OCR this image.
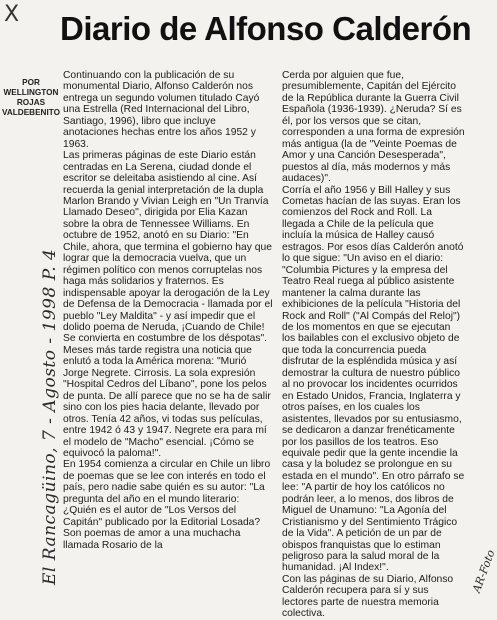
X Diario de Alfonso Calderón
POR
WELLINGTON
ROJAS
VALDEBENITO

Continuando con la publicación de su monumental Diario, Alfonso Calderón nos entrega un segundo volumen titulado Cayó una Estrella (Red Internacional del Libro, Santiago, 1996), libro que incluye anotaciones hechas entre los años 1952 y 1963.

Las primeras páginas de este Diario están centradas en La Serena, ciudad donde el escritor se deleitaba asistiendo al cine. Así recuerda la genial interpretación de la dupla Marlon Brando y Vivian Leigh en "Un Tranvía Llamado Deseo", dirigida por Elia Kazan sobre la obra de Tennessee Williams. En octubre de 1952, anotó en su Diario: "En Chile, ahora, que termina el gobierno hay que lograr que la democracia vuelva, que un régimen político con menos corruptelas nos haga más solidarios y fraternos. Es indispensable apoyar la derogación de la Ley de Defensa de la Democracia - llamada por el pueblo "Ley Maldita" - y así impedir que el dolido poema de Neruda, ¡Cuando de Chile! Se convierta en costumbre de los déspotas". Meses más tarde registra una noticia que enlutó a toda la América morena: "Murió Jorge Negrete. Cirrosis. La sola expresión "Hospital Cedros del Líbano", pone los pelos de punta. De allí parece que no se ha de salir sino con los pies hacia delante, llevado por otros. Tenía 42 años, vi todas sus películas, entre 1942 ó 43 y 1947. Negrete era para mí el modelo de "Macho" esencial. ¡Cómo se equivocó la paloma!".

En 1954 comienza a circular en Chile un libro de poemas que se lee con interés en todo el país, pero nadie sabe quién es su autor: "La pregunta del año en el mundo literario: ¿Quién es el autor de "Los Versos del Capitán" publicado por la Editorial Losada? Son poemas de amor a una muchacha llamada Rosario de la

Cerda por alguien que fue, presumiblemente, Capitán del Ejército de la República durante la Guerra Civil Española (1936-1939). ¿Neruda? Sí es él, por los versos que se citan, corresponden a una forma de expresión más antigua (la de "Veinte Poemas de Amor y una Canción Desesperada", puestos al día, más modernos y más audaces)".

Corría el año 1956 y Bill Halley y sus Cometas hacían de las suyas. Eran los comienzos del Rock and Roll. La llegada a Chile de la película que incluía la música de Halley causó estragos. Por esos días Calderón anotó lo que sigue: "Un aviso en el diario: "Columbia Pictures y la empresa del Teatro Real ruega al público asistente mantener la calma durante las exhibiciones de la película "Historia del Rock and Roll" ("Al Compás del Reloj") de los momentos en que se ejecutan los bailables con el exclusivo objeto de que toda la concurrencia pueda disfrutar de la espléndida música y así demostrar la cultura de nuestro público al no provocar los incidentes ocurridos en Estado Unidos, Francia, Inglaterra y otros países, en los cuales los asistentes, llevados por su entusiasmo, se dedicaron a danzar frenéticamente por los pasillos de los teatros. Eso equivale pedir que la gente incendie la casa y la boludez se prolongue en su estada en el mundo". En otro párrafo se lee: "A partir de hoy los católicos no podrán leer, a lo menos, dos libros de Miguel de Unamuno: "La Agonía del Cristianismo y del Sentimiento Trágico de la Vida". A petición de un par de obispos franquistas que lo estiman peligroso para la salud moral de la humanidad. ¡Al Index!".

Con las páginas de su Diario, Alfonso Calderón recupera para sí y sus lectores parte de nuestra memoria colectiva.

El Rancagüino, 7 - Agosto - 1998 P. 4	AR-Foto
